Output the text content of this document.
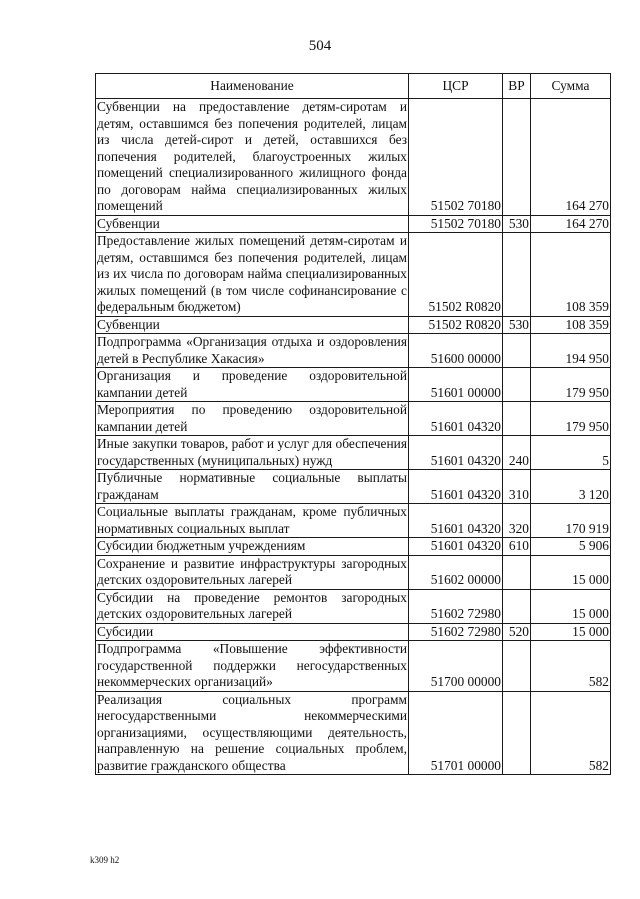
504
Наименование	ЦСР	ВР	Сумма
Субвенции на предоставление детям-сиротам и детям, оставшимся без попечения родителей, лицам из числа детей-сирот и детей, оставшихся без попечения родителей, благоустроенных жилых помещений специализированного жилищного фонда по договорам найма специализированных жилых помещений	51502 70180		164 270
Субвенции	51502 70180	530	164 270
Предоставление жилых помещений детям-сиротам и детям, оставшимся без попечения родителей, лицам из их числа по договорам найма специализированных жилых помещений (в том числе софинансирование с федеральным бюджетом)	51502 R0820		108 359
Субвенции	51502 R0820	530	108 359
Подпрограмма «Организация отдыха и оздоровления детей в Республике Хакасия»	51600 00000		194 950
Организация и проведение оздоровительной кампании детей	51601 00000		179 950
Мероприятия по проведению оздоровительной кампании детей	51601 04320		179 950
Иные закупки товаров, работ и услуг для обеспечения государственных (муниципальных) нужд	51601 04320	240	5
Публичные нормативные социальные выплаты гражданам	51601 04320	310	3 120
Социальные выплаты гражданам, кроме публичных нормативных социальных выплат	51601 04320	320	170 919
Субсидии бюджетным учреждениям	51601 04320	610	5 906
Сохранение и развитие инфраструктуры загородных детских оздоровительных лагерей	51602 00000		15 000
Субсидии на проведение ремонтов загородных детских оздоровительных лагерей	51602 72980		15 000
Субсидии	51602 72980	520	15 000
Подпрограмма «Повышение эффективности государственной поддержки негосударственных некоммерческих организаций»	51700 00000		582
Реализация социальных программ негосударственными некоммерческими организациями, осуществляющими деятельность, направленную на решение социальных проблем, развитие гражданского общества	51701 00000		582
k309 h2
